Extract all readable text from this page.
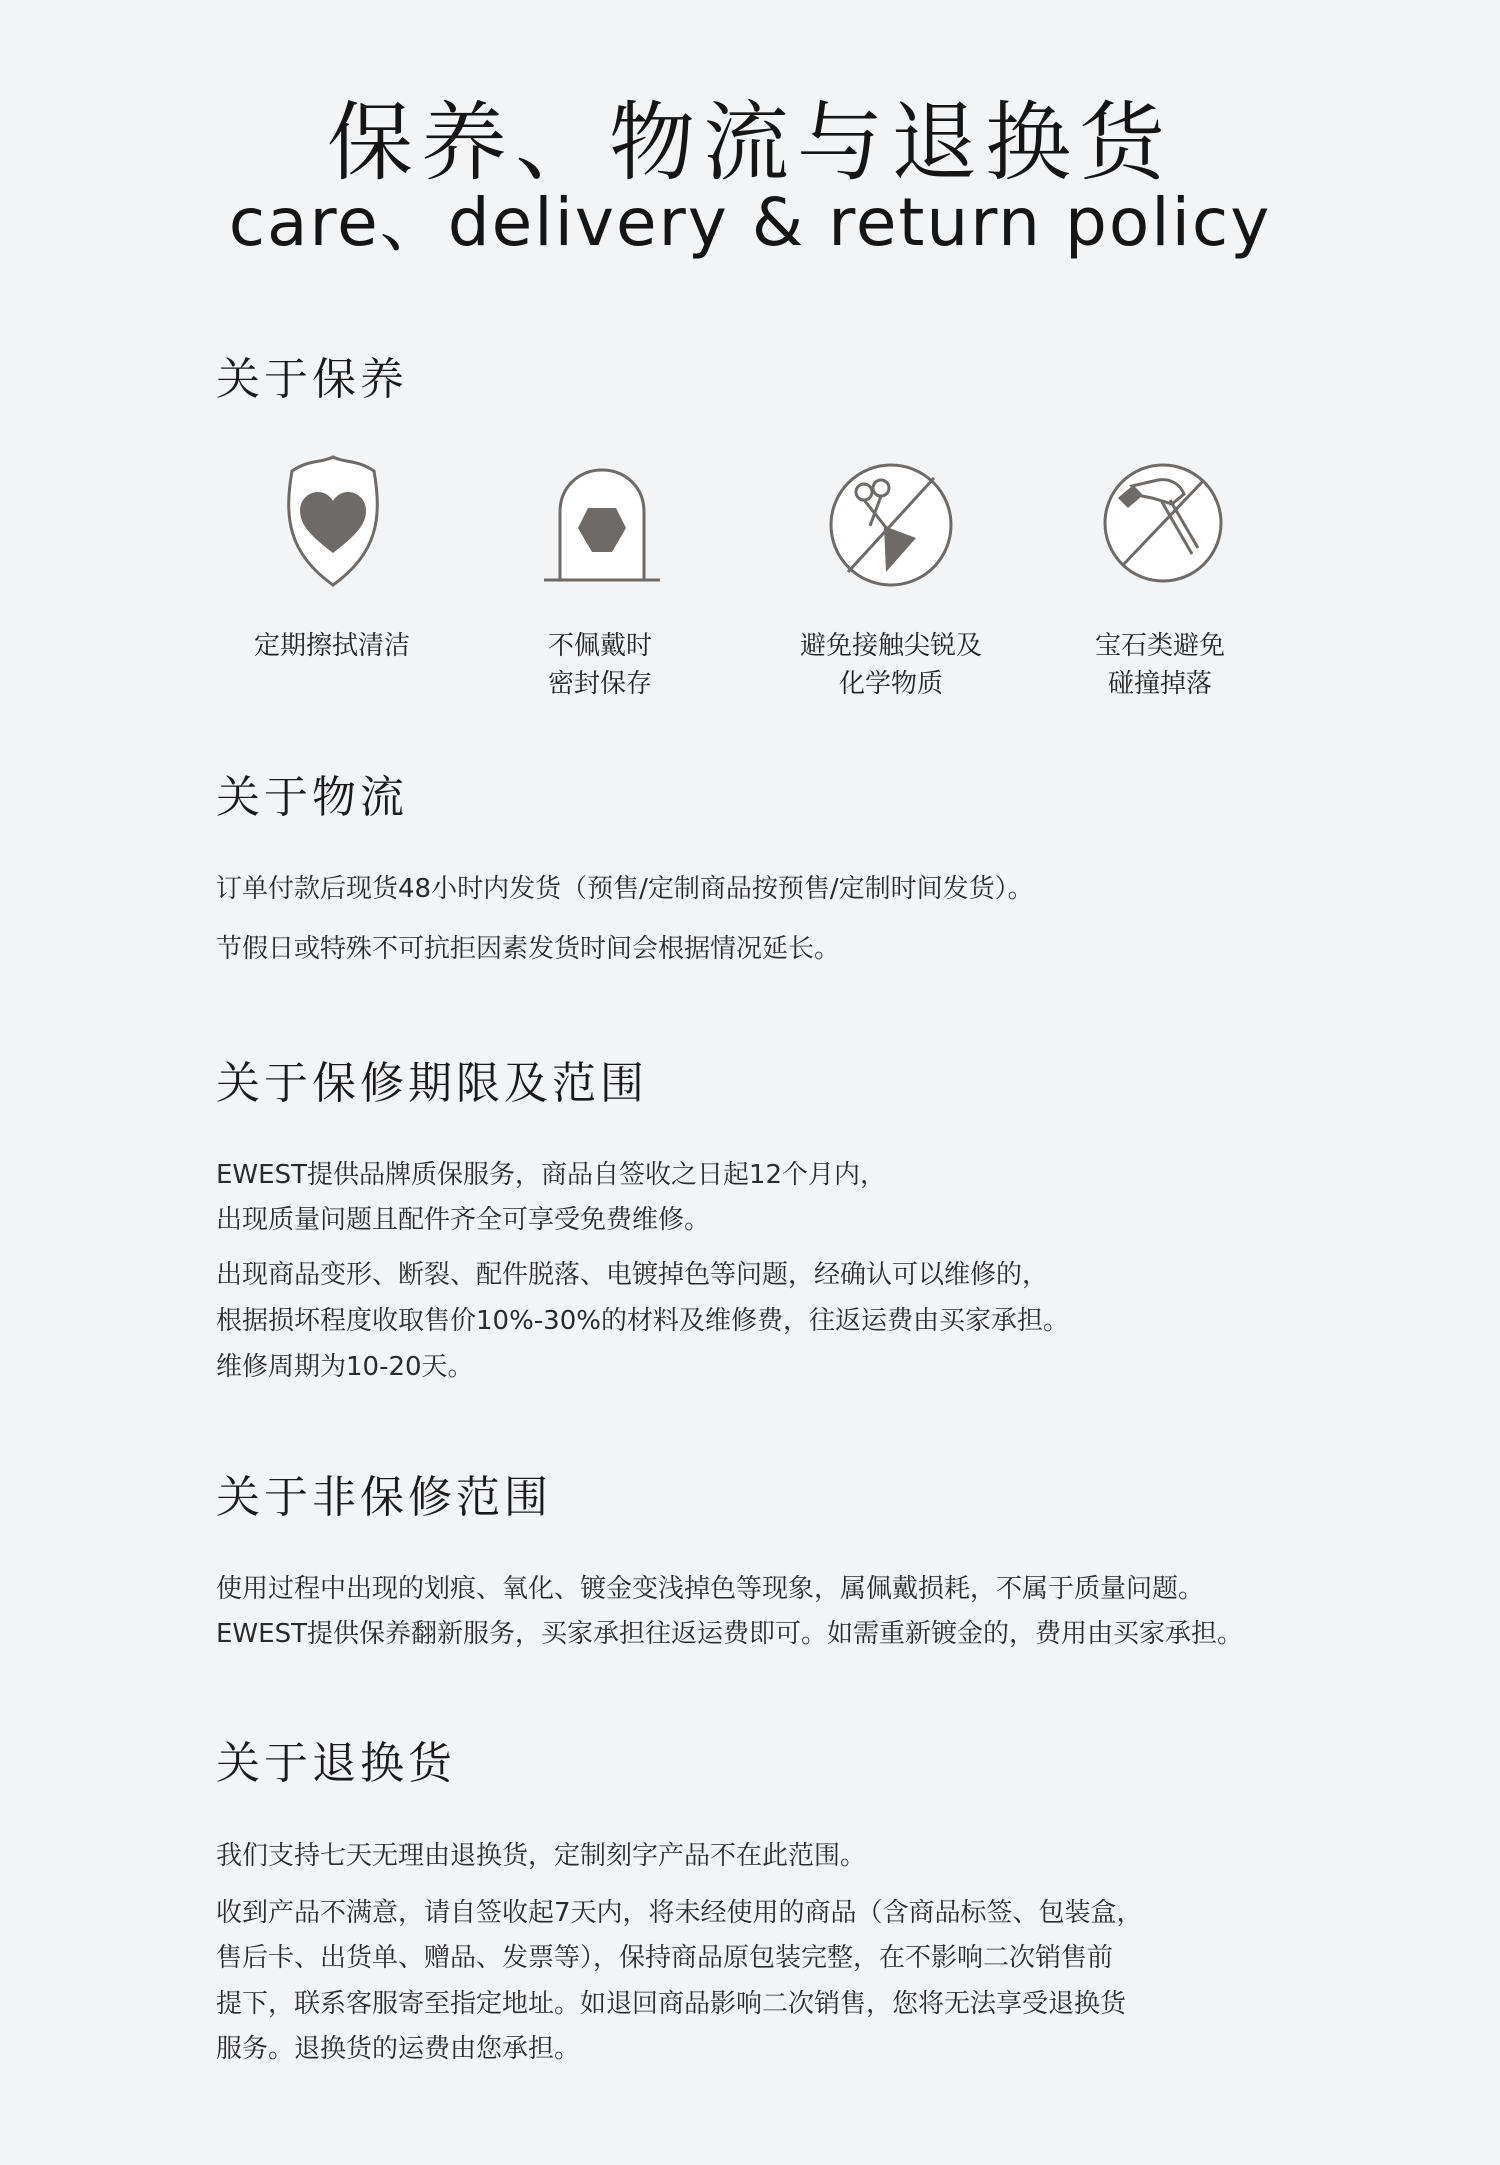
保养、物流与退换货
care、delivery & return policy
关于保养
定期擦拭清洁	不佩戴时
密封保存
避免接触尖锐及
化学物质
宝石类避免
碰撞掉落
关于物流

订单付款后现货48小时内发货（预售/定制商品按预售/定制时间发货）。

节假日或特殊不可抗拒因素发货时间会根据情况延长。

关于保修期限及范围

EWEST提供品牌质保服务，商品自签收之日起12个月内，

出现质量问题且配件齐全可享受免费维修。

出现商品变形、断裂、配件脱落、电镀掉色等问题，经确认可以维修的，

根据损坏程度收取售价10%-30%的材料及维修费，往返运费由买家承担。

维修周期为10-20天。

关于非保修范围

使用过程中出现的划痕、氧化、镀金变浅掉色等现象，属佩戴损耗，不属于质量问题。

EWEST提供保养翻新服务，买家承担往返运费即可。如需重新镀金的，费用由买家承担。

关于退换货

我们支持七天无理由退换货，定制刻字产品不在此范围。

收到产品不满意，请自签收起7天内，将未经使用的商品（含商品标签、包装盒，

售后卡、出货单、赠品、发票等），保持商品原包装完整，在不影响二次销售前

提下，联系客服寄至指定地址。如退回商品影响二次销售，您将无法享受退换货

服务。退换货的运费由您承担。
